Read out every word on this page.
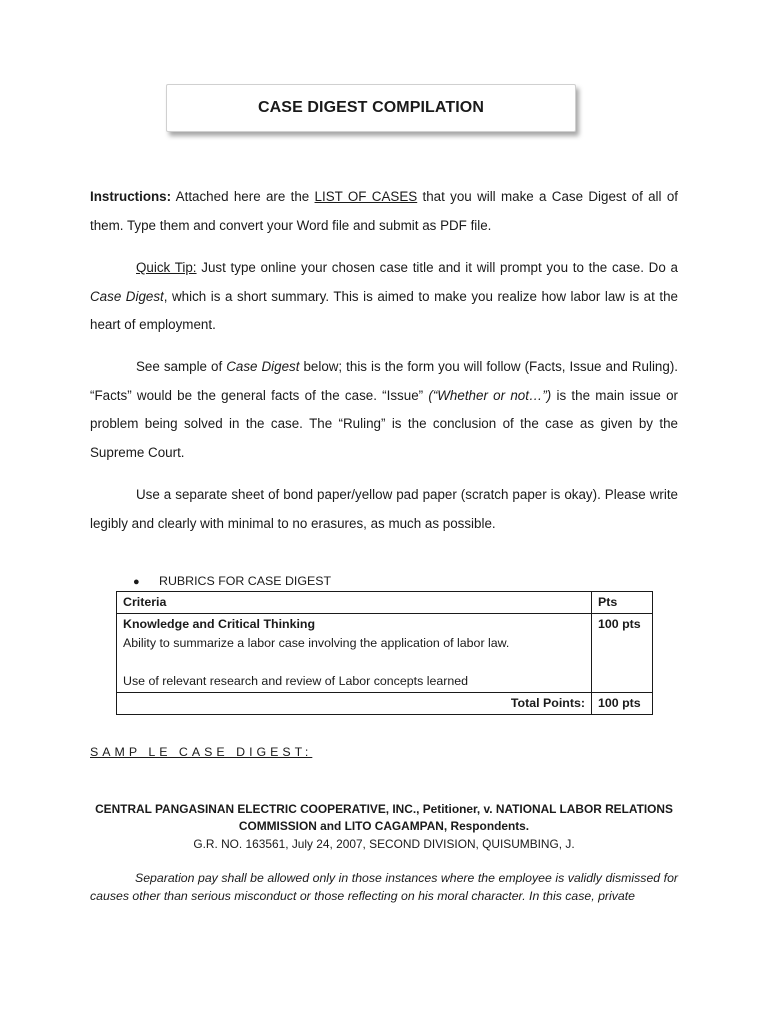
CASE DIGEST COMPILATION

Instructions: Attached here are the LIST OF CASES that you will make a Case Digest of all of them. Type them and convert your Word file and submit as PDF file.

Quick Tip: Just type online your chosen case title and it will prompt you to the case. Do a Case Digest, which is a short summary. This is aimed to make you realize how labor law is at the heart of employment.

See sample of Case Digest below; this is the form you will follow (Facts, Issue and Ruling). “Facts” would be the general facts of the case. “Issue” (“Whether or not…”) is the main issue or problem being solved in the case. The “Ruling” is the conclusion of the case as given by the Supreme Court.

Use a separate sheet of bond paper/yellow pad paper (scratch paper is okay). Please write legibly and clearly with minimal to no erasures, as much as possible.

● RUBRICS FOR CASE DIGEST
Criteria	Pts

Knowledge and Critical Thinking
Ability to summarize a labor case involving the application of labor law.
Use of relevant research and review of Labor concepts learned	100 pts
Total Points:	100 pts
SAMP LE CASE DIGEST:
CENTRAL PANGASINAN ELECTRIC COOPERATIVE, INC., Petitioner, v. NATIONAL LABOR RELATIONS
COMMISSION and LITO CAGAMPAN, Respondents.
G.R. NO. 163561, July 24, 2007, SECOND DIVISION, QUISUMBING, J.

Separation pay shall be allowed only in those instances where the employee is validly dismissed for causes other than serious misconduct or those reflecting on his moral character. In this case, private
